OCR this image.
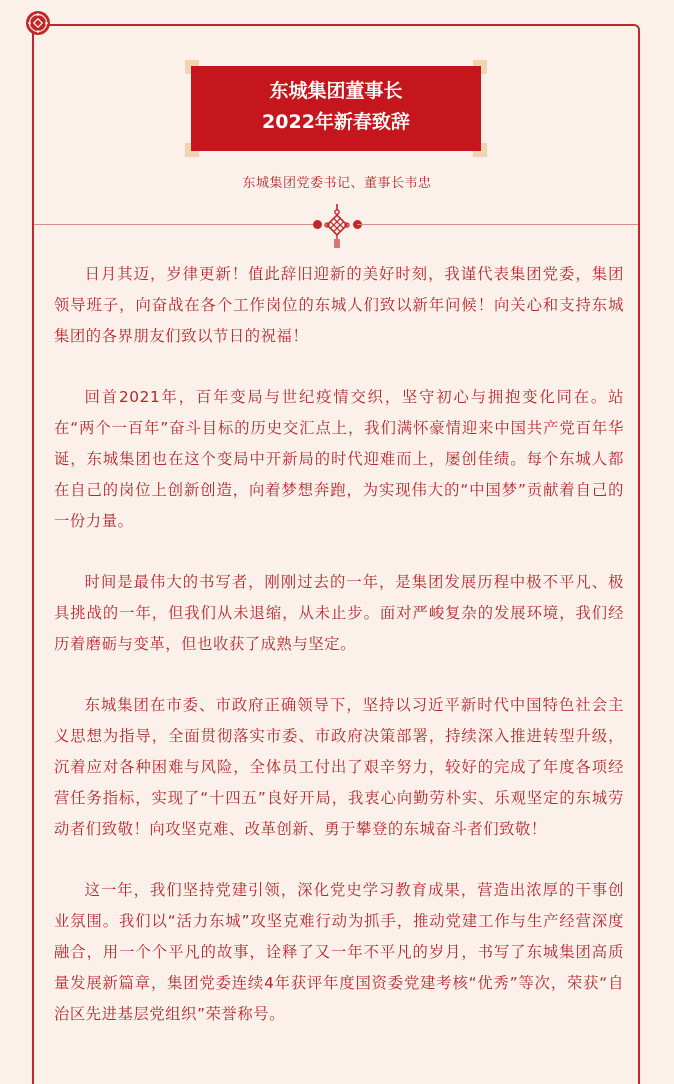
东城集团董事长
2022年新春致辞
东城集团党委书记、董事长韦忠

日月其迈，岁律更新！值此辞旧迎新的美好时刻，我谨代表集团党委，集团领导班子，向奋战在各个工作岗位的东城人们致以新年问候！向关心和支持东城集团的各界朋友们致以节日的祝福！

回首2021年，百年变局与世纪疫情交织，坚守初心与拥抱变化同在。站在“两个一百年”奋斗目标的历史交汇点上，我们满怀豪情迎来中国共产党百年华诞，东城集团也在这个变局中开新局的时代迎难而上，屡创佳绩。每个东城人都在自己的岗位上创新创造，向着梦想奔跑，为实现伟大的“中国梦”贡献着自己的一份力量。

时间是最伟大的书写者，刚刚过去的一年，是集团发展历程中极不平凡、极具挑战的一年，但我们从未退缩，从未止步。面对严峻复杂的发展环境，我们经历着磨砺与变革，但也收获了成熟与坚定。

东城集团在市委、市政府正确领导下，坚持以习近平新时代中国特色社会主义思想为指导，全面贯彻落实市委、市政府决策部署，持续深入推进转型升级，沉着应对各种困难与风险，全体员工付出了艰辛努力，较好的完成了年度各项经营任务指标，实现了“十四五”良好开局，我衷心向勤劳朴实、乐观坚定的东城劳动者们致敬！向攻坚克难、改革创新、勇于攀登的东城奋斗者们致敬！

这一年，我们坚持党建引领，深化党史学习教育成果，营造出浓厚的干事创业氛围。我们以“活力东城”攻坚克难行动为抓手，推动党建工作与生产经营深度融合，用一个个平凡的故事，诠释了又一年不平凡的岁月，书写了东城集团高质量发展新篇章，集团党委连续4年获评年度国资委党建考核“优秀”等次，荣获“自治区先进基层党组织”荣誉称号。
